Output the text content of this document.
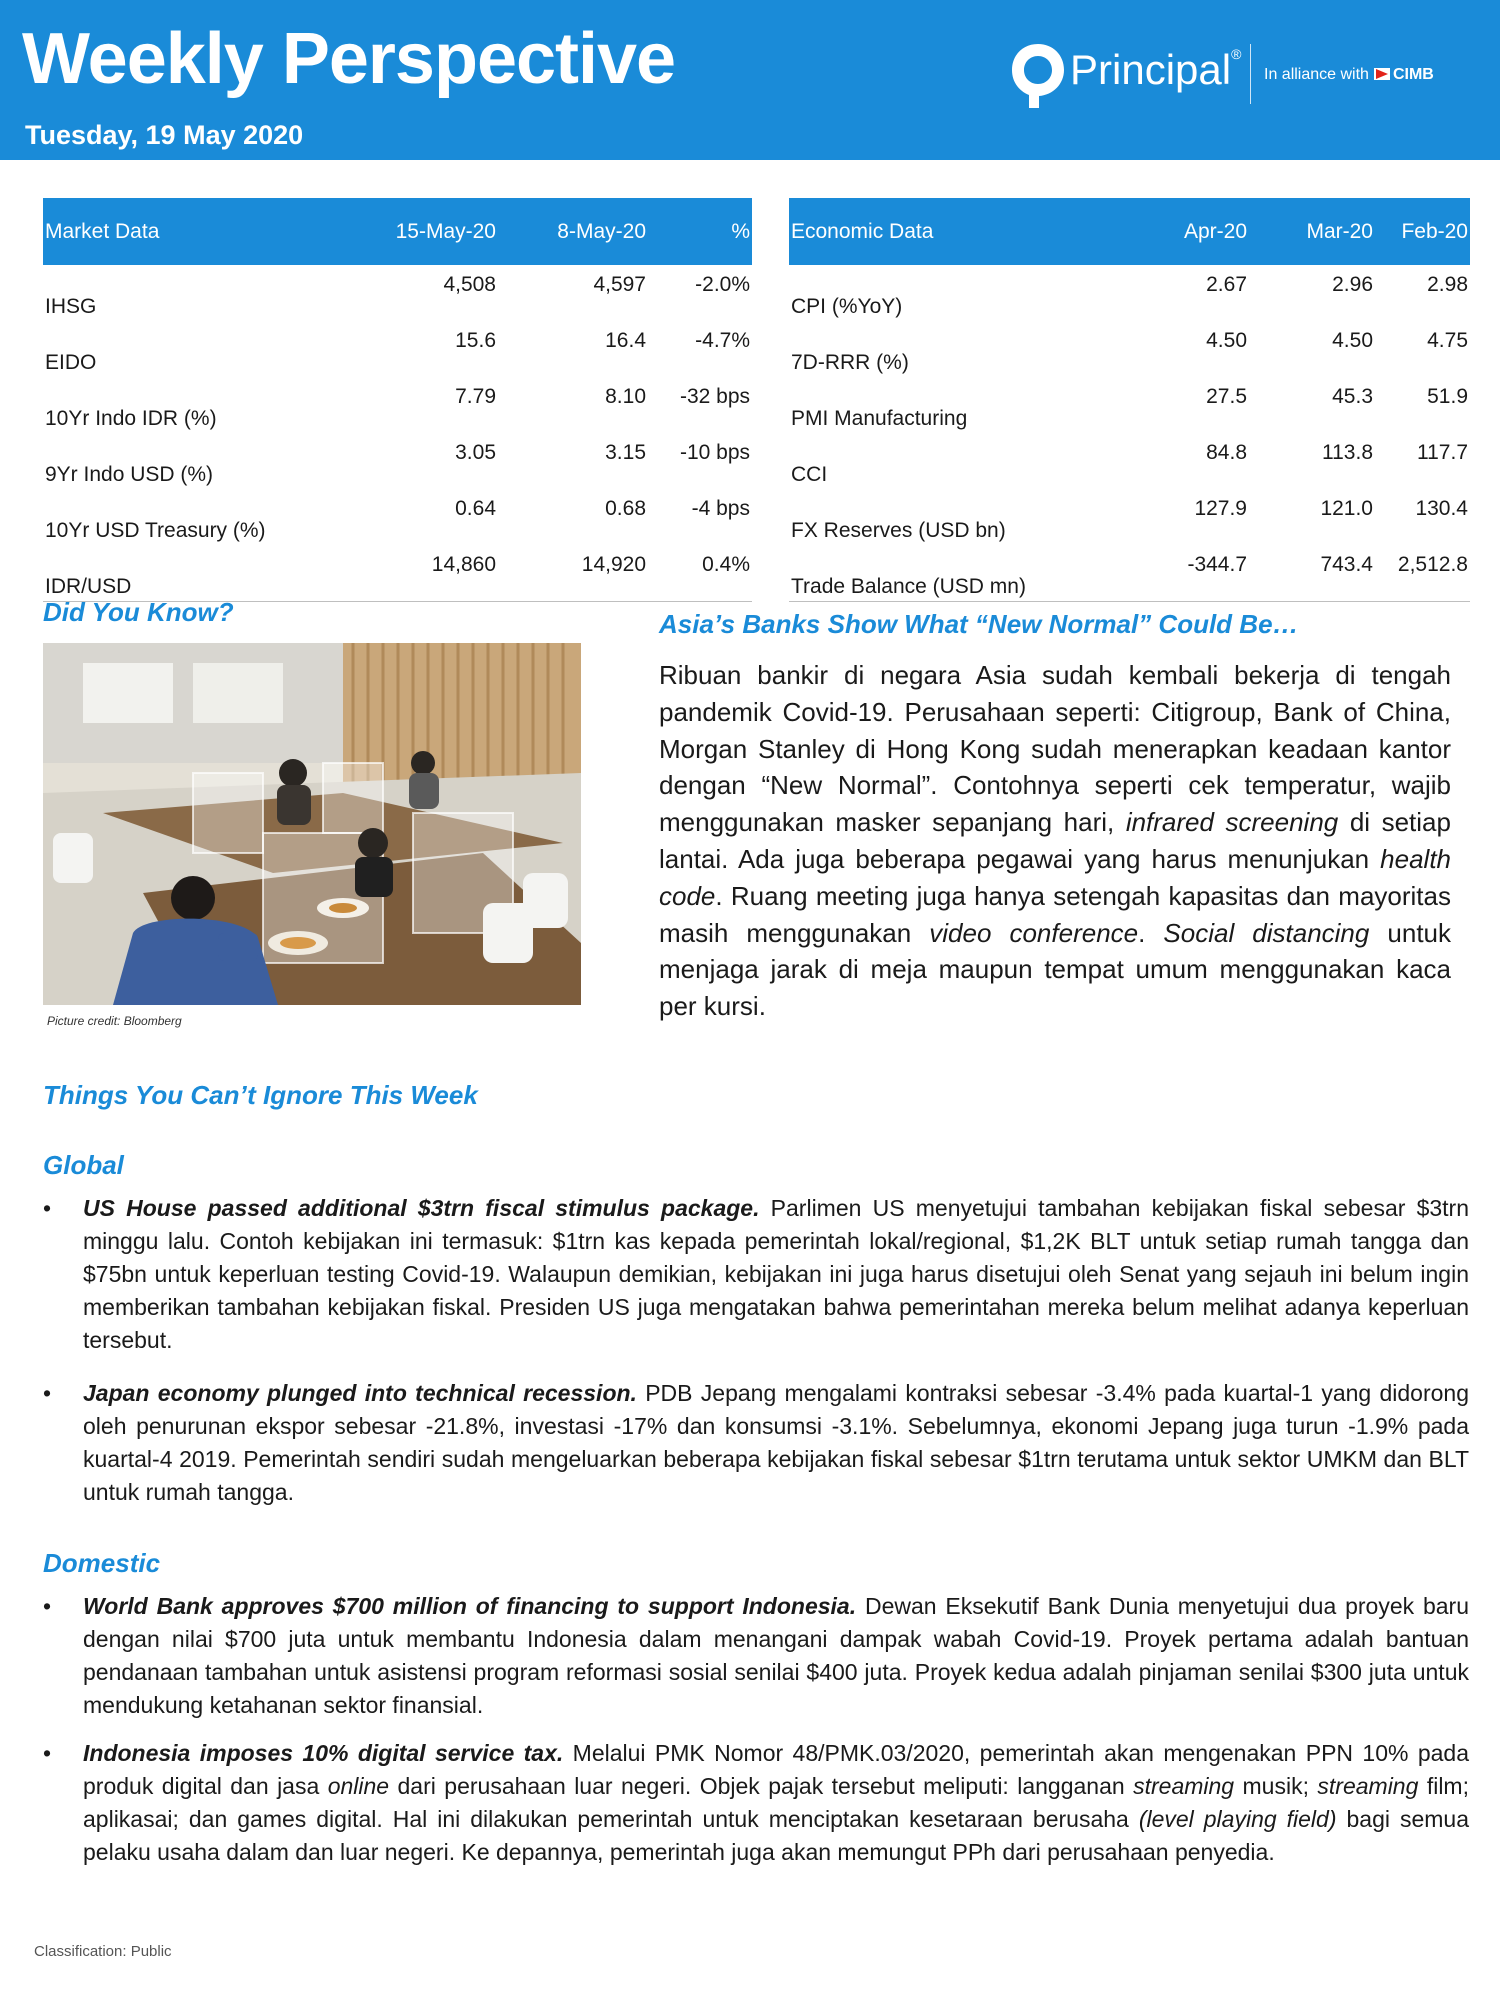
Weekly Perspective
Tuesday, 19 May 2020
Principal®
In alliance with CIMB
Market Data	15-May-20	8-May-20	%
IHSG	4,508	4,597	-2.0%
EIDO	15.6	16.4	-4.7%
10Yr Indo IDR (%)	7.79	8.10	-32 bps
9Yr Indo USD (%)	3.05	3.15	-10 bps
10Yr USD Treasury (%)	0.64	0.68	-4 bps
IDR/USD	14,860	14,920	0.4%
Economic Data	Apr-20	Mar-20	Feb-20
CPI (%YoY)	2.67	2.96	2.98
7D-RRR (%)	4.50	4.50	4.75
PMI Manufacturing	27.5	45.3	51.9
CCI	84.8	113.8	117.7
FX Reserves (USD bn)	127.9	121.0	130.4
Trade Balance (USD mn)	-344.7	743.4	2,512.8
Did You Know?
Picture credit: Bloomberg
Asia’s Banks Show What “New Normal” Could Be…
Ribuan bankir di negara Asia sudah kembali bekerja di tengah pandemik Covid-19. Perusahaan seperti: Citigroup, Bank of China, Morgan Stanley di Hong Kong sudah menerapkan keadaan kantor dengan “New Normal”. Contohnya seperti cek temperatur, wajib menggunakan masker sepanjang hari, infrared screening di setiap lantai. Ada juga beberapa pegawai yang harus menunjukan health code. Ruang meeting juga hanya setengah kapasitas dan mayoritas masih menggunakan video conference. Social distancing untuk menjaga jarak di meja maupun tempat umum menggunakan kaca per kursi.
Things You Can’t Ignore This Week
Global
•	US House passed additional $3trn fiscal stimulus package. Parlimen US menyetujui tambahan kebijakan fiskal sebesar $3trn minggu lalu. Contoh kebijakan ini termasuk: $1trn kas kepada pemerintah lokal/regional, $1,2K BLT untuk setiap rumah tangga dan $75bn untuk keperluan testing Covid-19. Walaupun demikian, kebijakan ini juga harus disetujui oleh Senat yang sejauh ini belum ingin memberikan tambahan kebijakan fiskal. Presiden US juga mengatakan bahwa pemerintahan mereka belum melihat adanya keperluan tersebut.
•	Japan economy plunged into technical recession. PDB Jepang mengalami kontraksi sebesar -3.4% pada kuartal-1 yang didorong oleh penurunan ekspor sebesar -21.8%, investasi -17% dan konsumsi -3.1%. Sebelumnya, ekonomi Jepang juga turun -1.9% pada kuartal-4 2019. Pemerintah sendiri sudah mengeluarkan beberapa kebijakan fiskal sebesar $1trn terutama untuk sektor UMKM dan BLT untuk rumah tangga.
Domestic
•	World Bank approves $700 million of financing to support Indonesia. Dewan Eksekutif Bank Dunia menyetujui dua proyek baru dengan nilai $700 juta untuk membantu Indonesia dalam menangani dampak wabah Covid-19. Proyek pertama adalah bantuan pendanaan tambahan untuk asistensi program reformasi sosial senilai $400 juta. Proyek kedua adalah pinjaman senilai $300 juta untuk mendukung ketahanan sektor finansial.
•	Indonesia imposes 10% digital service tax. Melalui PMK Nomor 48/PMK.03/2020, pemerintah akan mengenakan PPN 10% pada produk digital dan jasa online dari perusahaan luar negeri. Objek pajak tersebut meliputi: langganan streaming musik; streaming film; aplikasai; dan games digital. Hal ini dilakukan pemerintah untuk menciptakan kesetaraan berusaha (level playing field) bagi semua pelaku usaha dalam dan luar negeri. Ke depannya, pemerintah juga akan memungut PPh dari perusahaan penyedia.
Classification: Public
